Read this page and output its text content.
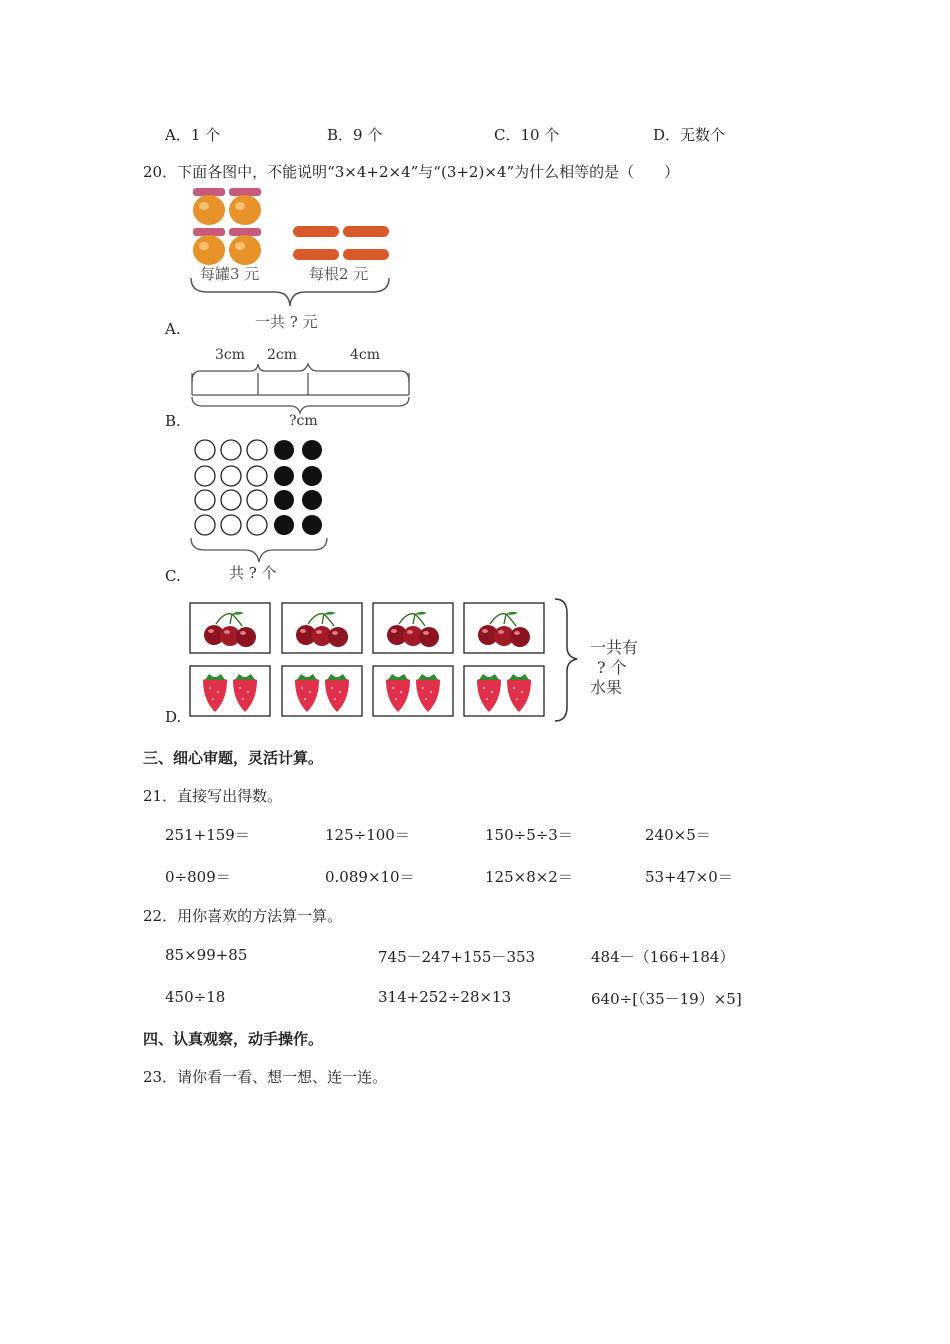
A．1 个	B．9 个	C．10 个	D．无数个
20．下面各图中，不能说明“3×4+2×4”与“(3+2)×4”为什么相等的是（　　）
每罐3 元	每根2 元
一共 ? 元
A.
3cm 2cm	4cm
?cm
B.
共 ? 个
C.
一共有
? 个
水果
D.
三、细心审题，灵活计算。
21．直接写出得数。
251+159＝	125÷100＝	150÷5÷3＝	240×5＝
0÷809＝	0.089×10＝	125×8×2＝	53+47×0＝
22．用你喜欢的方法算一算。
85×99+85	745－247+155－353	484－（166+184）
450÷18	314+252÷28×13	640÷[（35－19）×5]
四、认真观察，动手操作。
23．请你看一看、想一想、连一连。
